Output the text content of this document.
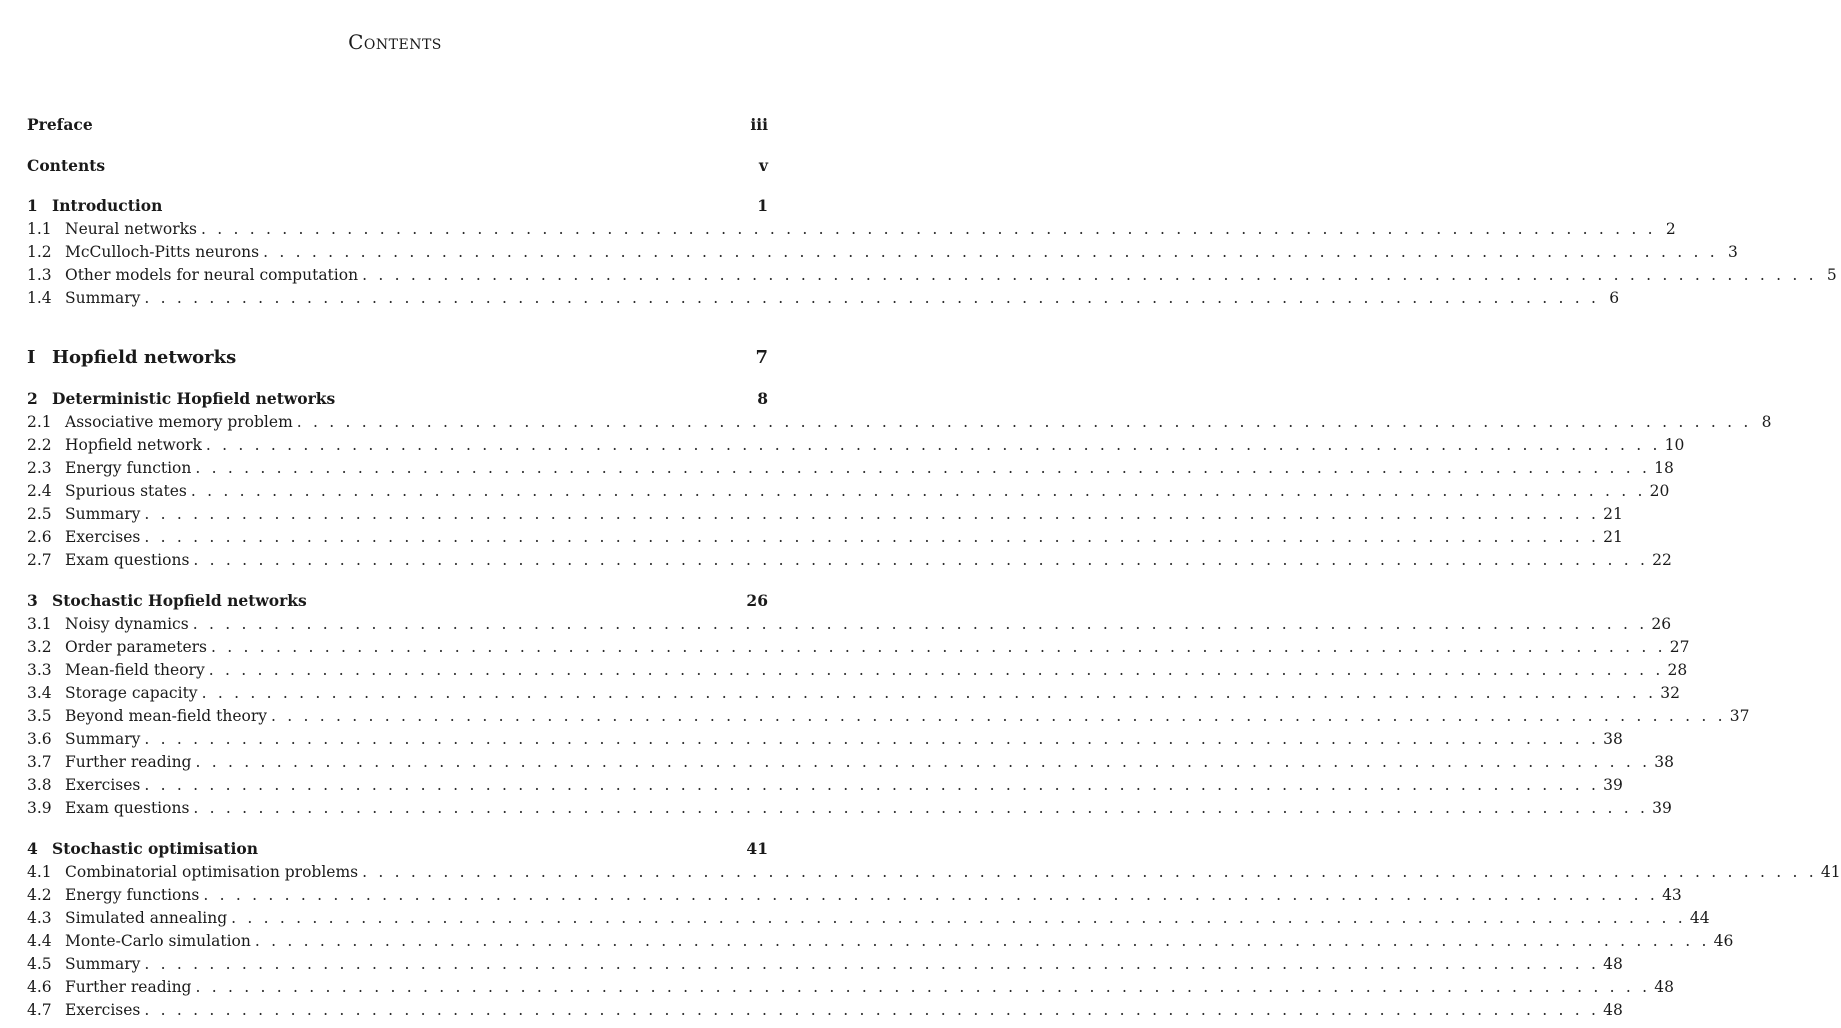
Contents
Preface	iii
Contents	v
1 Introduction	1
1.1 Neural networks . . . . . . . . . . . . . . . . . . . . . . . . . . . . . . . . . . . . . . . . . . . . . . . . . . . . . . . . . . . . . . . . . . . . . . . . . . . . . . . . . . . . . . . . . . 2
1.2 McCulloch-Pitts neurons . . . . . . . . . . . . . . . . . . . . . . . . . . . . . . . . . . . . . . . . . . . . . . . . . . . . . . . . . . . . . . . . . . . . . . . . . . . . . . . . . . . . . . . . . . 3
1.3 Other models for neural computation . . . . . . . . . . . . . . . . . . . . . . . . . . . . . . . . . . . . . . . . . . . . . . . . . . . . . . . . . . . . . . . . . . . . . . . . . . . . . . . . . . . . . . . . . . 5
1.4 Summary . . . . . . . . . . . . . . . . . . . . . . . . . . . . . . . . . . . . . . . . . . . . . . . . . . . . . . . . . . . . . . . . . . . . . . . . . . . . . . . . . . . . . . . . . . 6
I Hopfield networks	7
2 Deterministic Hopfield networks	8
2.1 Associative memory problem . . . . . . . . . . . . . . . . . . . . . . . . . . . . . . . . . . . . . . . . . . . . . . . . . . . . . . . . . . . . . . . . . . . . . . . . . . . . . . . . . . . . . . . . . . 8
2.2 Hopfield network . . . . . . . . . . . . . . . . . . . . . . . . . . . . . . . . . . . . . . . . . . . . . . . . . . . . . . . . . . . . . . . . . . . . . . . . . . . . . . . . . . . . . . . . . . 10
2.3 Energy function . . . . . . . . . . . . . . . . . . . . . . . . . . . . . . . . . . . . . . . . . . . . . . . . . . . . . . . . . . . . . . . . . . . . . . . . . . . . . . . . . . . . . . . . . . 18
2.4 Spurious states . . . . . . . . . . . . . . . . . . . . . . . . . . . . . . . . . . . . . . . . . . . . . . . . . . . . . . . . . . . . . . . . . . . . . . . . . . . . . . . . . . . . . . . . . . 20
2.5 Summary . . . . . . . . . . . . . . . . . . . . . . . . . . . . . . . . . . . . . . . . . . . . . . . . . . . . . . . . . . . . . . . . . . . . . . . . . . . . . . . . . . . . . . . . . . 21
2.6 Exercises . . . . . . . . . . . . . . . . . . . . . . . . . . . . . . . . . . . . . . . . . . . . . . . . . . . . . . . . . . . . . . . . . . . . . . . . . . . . . . . . . . . . . . . . . . 21
2.7 Exam questions . . . . . . . . . . . . . . . . . . . . . . . . . . . . . . . . . . . . . . . . . . . . . . . . . . . . . . . . . . . . . . . . . . . . . . . . . . . . . . . . . . . . . . . . . . 22
3 Stochastic Hopfield networks	26
3.1 Noisy dynamics . . . . . . . . . . . . . . . . . . . . . . . . . . . . . . . . . . . . . . . . . . . . . . . . . . . . . . . . . . . . . . . . . . . . . . . . . . . . . . . . . . . . . . . . . . 26
3.2 Order parameters . . . . . . . . . . . . . . . . . . . . . . . . . . . . . . . . . . . . . . . . . . . . . . . . . . . . . . . . . . . . . . . . . . . . . . . . . . . . . . . . . . . . . . . . . . 27
3.3 Mean-field theory . . . . . . . . . . . . . . . . . . . . . . . . . . . . . . . . . . . . . . . . . . . . . . . . . . . . . . . . . . . . . . . . . . . . . . . . . . . . . . . . . . . . . . . . . . 28
3.4 Storage capacity . . . . . . . . . . . . . . . . . . . . . . . . . . . . . . . . . . . . . . . . . . . . . . . . . . . . . . . . . . . . . . . . . . . . . . . . . . . . . . . . . . . . . . . . . . 32
3.5 Beyond mean-field theory . . . . . . . . . . . . . . . . . . . . . . . . . . . . . . . . . . . . . . . . . . . . . . . . . . . . . . . . . . . . . . . . . . . . . . . . . . . . . . . . . . . . . . . . . . 37
3.6 Summary . . . . . . . . . . . . . . . . . . . . . . . . . . . . . . . . . . . . . . . . . . . . . . . . . . . . . . . . . . . . . . . . . . . . . . . . . . . . . . . . . . . . . . . . . . 38
3.7 Further reading . . . . . . . . . . . . . . . . . . . . . . . . . . . . . . . . . . . . . . . . . . . . . . . . . . . . . . . . . . . . . . . . . . . . . . . . . . . . . . . . . . . . . . . . . . 38
3.8 Exercises . . . . . . . . . . . . . . . . . . . . . . . . . . . . . . . . . . . . . . . . . . . . . . . . . . . . . . . . . . . . . . . . . . . . . . . . . . . . . . . . . . . . . . . . . . 39
3.9 Exam questions . . . . . . . . . . . . . . . . . . . . . . . . . . . . . . . . . . . . . . . . . . . . . . . . . . . . . . . . . . . . . . . . . . . . . . . . . . . . . . . . . . . . . . . . . . 39
4 Stochastic optimisation	41
4.1 Combinatorial optimisation problems . . . . . . . . . . . . . . . . . . . . . . . . . . . . . . . . . . . . . . . . . . . . . . . . . . . . . . . . . . . . . . . . . . . . . . . . . . . . . . . . . . . . . . . . . . 41
4.2 Energy functions . . . . . . . . . . . . . . . . . . . . . . . . . . . . . . . . . . . . . . . . . . . . . . . . . . . . . . . . . . . . . . . . . . . . . . . . . . . . . . . . . . . . . . . . . . 43
4.3 Simulated annealing . . . . . . . . . . . . . . . . . . . . . . . . . . . . . . . . . . . . . . . . . . . . . . . . . . . . . . . . . . . . . . . . . . . . . . . . . . . . . . . . . . . . . . . . . . 44
4.4 Monte-Carlo simulation . . . . . . . . . . . . . . . . . . . . . . . . . . . . . . . . . . . . . . . . . . . . . . . . . . . . . . . . . . . . . . . . . . . . . . . . . . . . . . . . . . . . . . . . . . 46
4.5 Summary . . . . . . . . . . . . . . . . . . . . . . . . . . . . . . . . . . . . . . . . . . . . . . . . . . . . . . . . . . . . . . . . . . . . . . . . . . . . . . . . . . . . . . . . . . 48
4.6 Further reading . . . . . . . . . . . . . . . . . . . . . . . . . . . . . . . . . . . . . . . . . . . . . . . . . . . . . . . . . . . . . . . . . . . . . . . . . . . . . . . . . . . . . . . . . . 48
4.7 Exercises . . . . . . . . . . . . . . . . . . . . . . . . . . . . . . . . . . . . . . . . . . . . . . . . . . . . . . . . . . . . . . . . . . . . . . . . . . . . . . . . . . . . . . . . . . 48
